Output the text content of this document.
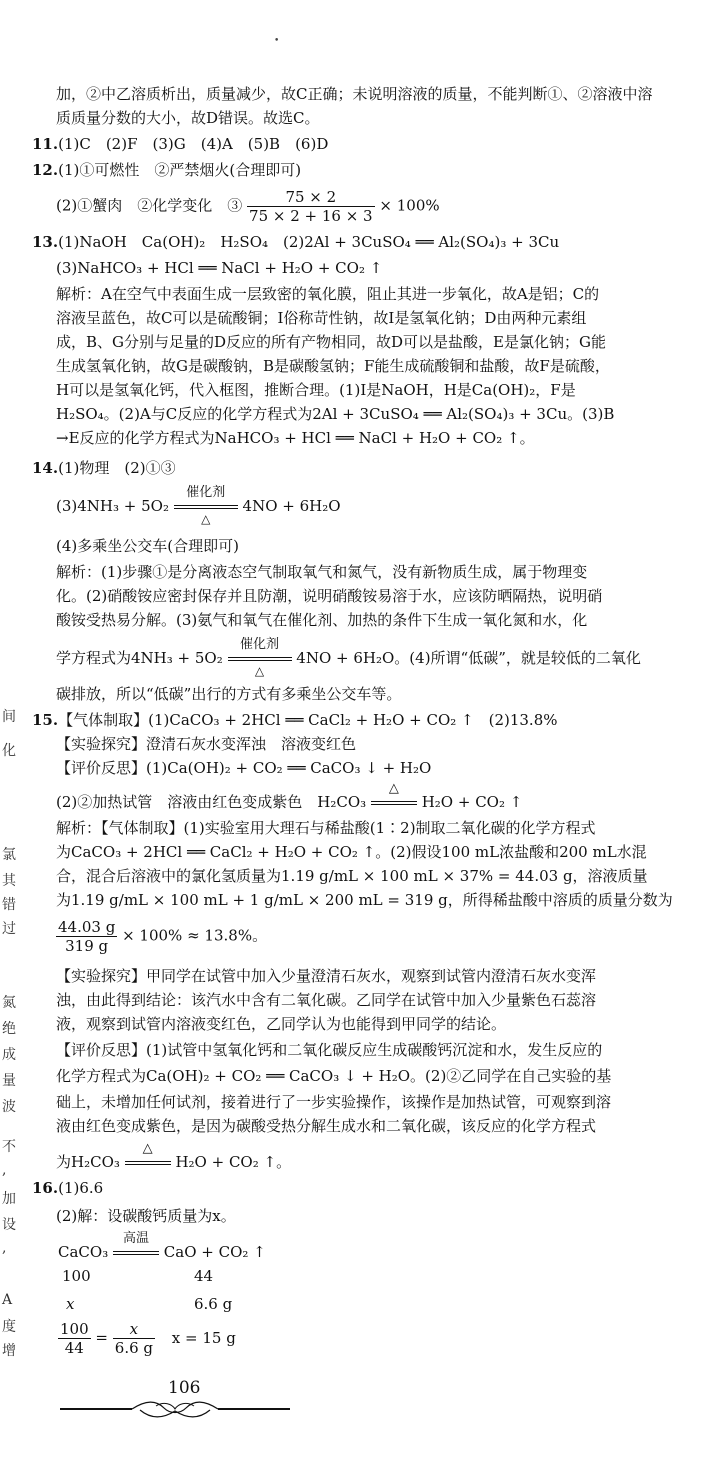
•
加，②中乙溶质析出，质量减少，故C正确；未说明溶液的质量，不能判断①、②溶液中溶
质质量分数的大小，故D错误。故选C。
11.(1)C　(2)F　(3)G　(4)A　(5)B　(6)D
12.(1)①可燃性　②严禁烟火(合理即可)
(2)①蟹肉　②化学变化　③ $\frac{75 \times 2}{75 \times 2 + 16 \times 3} \times 100\%$
13.(1)NaOH　Ca(OH)₂　H₂SO₄　(2)2Al + 3CuSO₄ ══ Al₂(SO₄)₃ + 3Cu
(3)NaHCO₃ + HCl ══ NaCl + H₂O + CO₂ ↑
解析：A在空气中表面生成一层致密的氧化膜，阻止其进一步氧化，故A是铝；C的
溶液呈蓝色，故C可以是硫酸铜；I俗称苛性钠，故I是氢氧化钠；D由两种元素组
成，B、G分别与足量的D反应的所有产物相同，故D可以是盐酸，E是氯化钠；G能
生成氢氧化钠，故G是碳酸钠，B是碳酸氢钠；F能生成硫酸铜和盐酸，故F是硫酸，
H可以是氢氧化钙，代入框图，推断合理。(1)I是NaOH，H是Ca(OH)₂，F是
H₂SO₄。(2)A与C反应的化学方程式为2Al + 3CuSO₄ ══ Al₂(SO₄)₃ + 3Cu。(3)B
→E反应的化学方程式为NaHCO₃ + HCl ══ NaCl + H₂O + CO₂ ↑。
14.(1)物理　(2)①③
(3)4NH₃ + 5O₂
催化剂
△
4NO + 6H₂O
(4)多乘坐公交车(合理即可)
解析：(1)步骤①是分离液态空气制取氧气和氮气，没有新物质生成，属于物理变
化。(2)硝酸铵应密封保存并且防潮，说明硝酸铵易溶于水，应该防晒隔热，说明硝
酸铵受热易分解。(3)氨气和氧气在催化剂、加热的条件下生成一氧化氮和水，化
学方程式为4NH₃ + 5O₂
催化剂
△
4NO + 6H₂O。(4)所谓“低碳”，就是较低的二氧化
碳排放，所以“低碳”出行的方式有多乘坐公交车等。
15.【气体制取】(1)CaCO₃ + 2HCl ══ CaCl₂ + H₂O + CO₂ ↑　(2)13.8%
【实验探究】澄清石灰水变浑浊　溶液变红色
【评价反思】(1)Ca(OH)₂ + CO₂ ══ CaCO₃ ↓ + H₂O
(2)②加热试管　溶液由红色变成紫色　H₂CO₃
△
H₂O + CO₂ ↑
解析：【气体制取】(1)实验室用大理石与稀盐酸(1∶2)制取二氧化碳的化学方程式
为CaCO₃ + 2HCl ══ CaCl₂ + H₂O + CO₂ ↑。(2)假设100 mL浓盐酸和200 mL水混
合，混合后溶液中的氯化氢质量为1.19 g/mL × 100 mL × 37% = 44.03 g，溶液质量
为1.19 g/mL × 100 mL + 1 g/mL × 200 mL = 319 g，所得稀盐酸中溶质的质量分数为
$\frac{44.03 g}{319 g} \times 100\% \approx 13.8\%$。
【实验探究】甲同学在试管中加入少量澄清石灰水，观察到试管内澄清石灰水变浑
浊，由此得到结论：该汽水中含有二氧化碳。乙同学在试管中加入少量紫色石蕊溶
液，观察到试管内溶液变红色，乙同学认为也能得到甲同学的结论。
【评价反思】(1)试管中氢氧化钙和二氧化碳反应生成碳酸钙沉淀和水，发生反应的
化学方程式为Ca(OH)₂ + CO₂ ══ CaCO₃ ↓ + H₂O。(2)②乙同学在自己实验的基
础上，未增加任何试剂，接着进行了一步实验操作，该操作是加热试管，可观察到溶
液由红色变成紫色，是因为碳酸受热分解生成水和二氧化碳，该反应的化学方程式
为H₂CO₃
△
H₂O + CO₂ ↑。
16.(1)6.6
(2)解：设碳酸钙质量为x。
CaCO₃
高温
CaO + CO₂ ↑
100	44
x	6.6 g
$\frac{100}{44} = \frac{x}{6.6 g}$ x = 15 g
106
间
化
氯
其
错
过
氮
绝
成
量
波
不
,
加
设
,
A
度
增
